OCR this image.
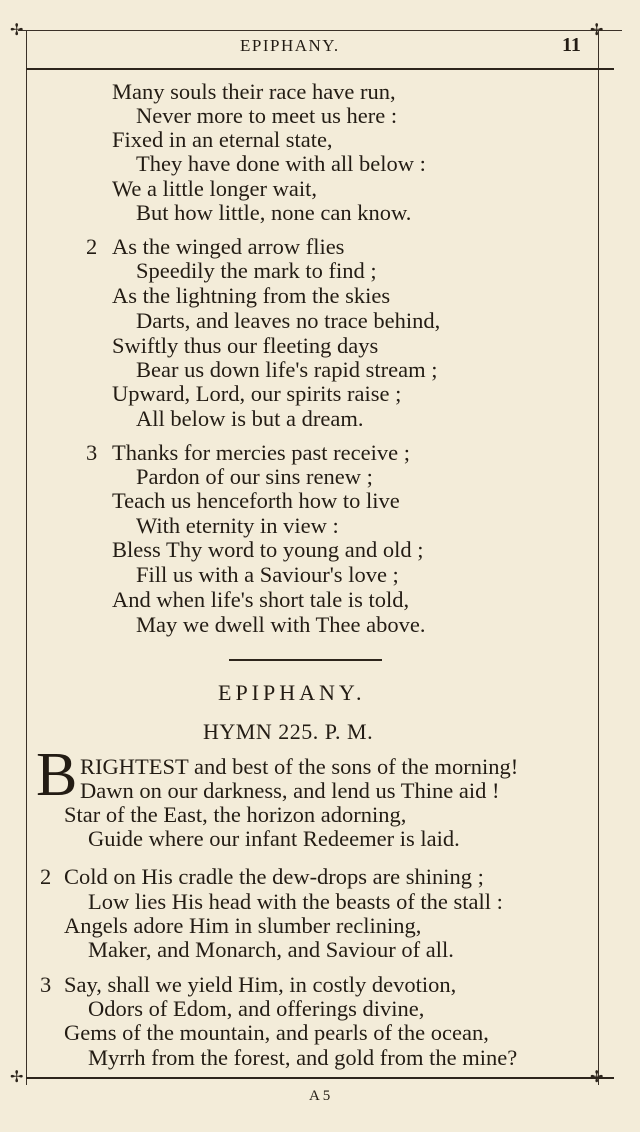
✢	✢
✢	✢
EPIPHANY.	11
Many souls their race have run,
Never more to meet us here :
Fixed in an eternal state,
They have done with all below :
We a little longer wait,
But how little, none can know.
2 As the winged arrow flies
Speedily the mark to find ;
As the lightning from the skies
Darts, and leaves no trace behind,
Swiftly thus our fleeting days
Bear us down life's rapid stream ;
Upward, Lord, our spirits raise ;
All below is but a dream.
3 Thanks for mercies past receive ;
Pardon of our sins renew ;
Teach us henceforth how to live
With eternity in view :
Bless Thy word to young and old ;
Fill us with a Saviour's love ;
And when life's short tale is told,
May we dwell with Thee above.
EPIPHANY.
HYMN 225. P. M.
B RIGHTEST and best of the sons of the morning!
Dawn on our darkness, and lend us Thine aid !
Star of the East, the horizon adorning,
Guide where our infant Redeemer is laid.
2 Cold on His cradle the dew-drops are shining ;
Low lies His head with the beasts of the stall :
Angels adore Him in slumber reclining,
Maker, and Monarch, and Saviour of all.
3 Say, shall we yield Him, in costly devotion,
Odors of Edom, and offerings divine,
Gems of the mountain, and pearls of the ocean,
Myrrh from the forest, and gold from the mine?
A 5
